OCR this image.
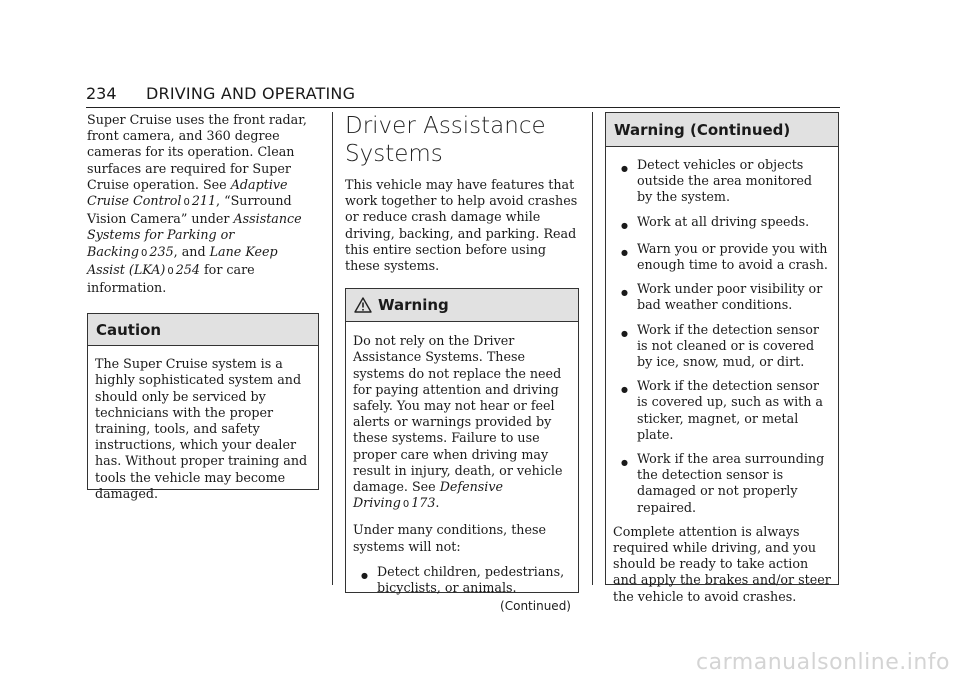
234 DRIVING AND OPERATING
Super Cruise uses the front radar, front camera, and 360 degree cameras for its operation. Clean surfaces are required for Super Cruise operation. See Adaptive Cruise Control 0 211, “Surround Vision Camera” under Assistance Systems for Parking or Backing 0 235, and Lane Keep Assist (LKA) 0 254 for care information.
Caution

The Super Cruise system is a highly sophisticated system and should only be serviced by technicians with the proper training, tools, and safety instructions, which your dealer has. Without proper training and tools the vehicle may become damaged.

Driver Assistance Systems

This vehicle may have features that work together to help avoid crashes or reduce crash damage while driving, backing, and parking. Read this entire section before using these systems.

Warning

Do not rely on the Driver Assistance Systems. These systems do not replace the need for paying attention and driving safely. You may not hear or feel alerts or warnings provided by these systems. Failure to use proper care when driving may result in injury, death, or vehicle damage. See Defensive Driving 0 173.

Under many conditions, these systems will not:

● Detect children, pedestrians, bicyclists, or animals.
(Continued)
Warning (Continued)
● Detect vehicles or objects outside the area monitored by the system.
● Work at all driving speeds.
● Warn you or provide you with enough time to avoid a crash.
● Work under poor visibility or bad weather conditions.
● Work if the detection sensor is not cleaned or is covered by ice, snow, mud, or dirt.
● Work if the detection sensor is covered up, such as with a sticker, magnet, or metal plate.
● Work if the area surrounding the detection sensor is damaged or not properly repaired.

Complete attention is always required while driving, and you should be ready to take action and apply the brakes and/or steer the vehicle to avoid crashes.

carmanualsonline.info
